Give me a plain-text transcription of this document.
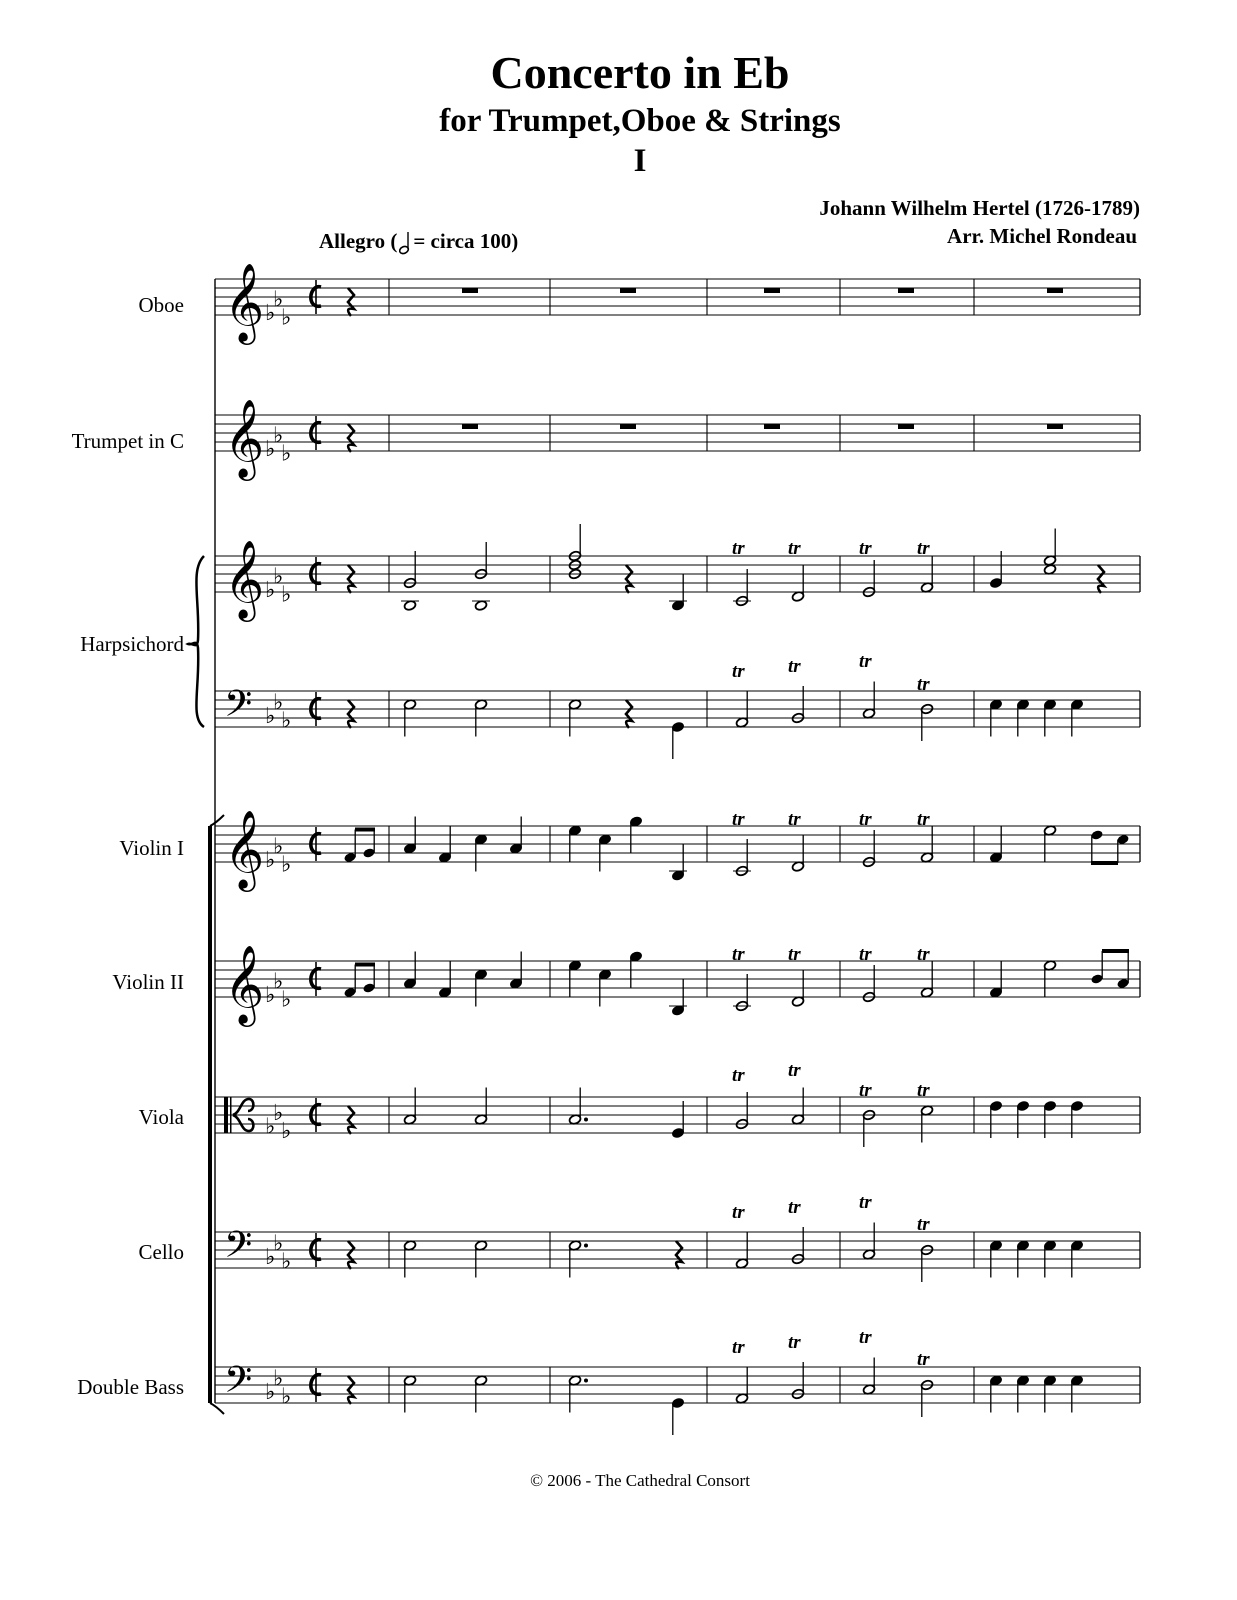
Concerto in Eb
for Trumpet,Oboe & Strings
I
Johann Wilhelm Hertel (1726-1789)
Arr. Michel Rondeau
Allegro ( = circa 100)
Oboe
Trumpet in C
Harpsichord
Violin I
Violin II
Viola
Cello
Double Bass
𝄞 ♭
♭
♭
𝄞 ♭
♭
♭
𝄞 ♭
♭
♭
𝄢 ♭
♭
♭
𝄞 ♭
♭
♭
𝄞 ♭
♭
♭
♭
♭
♭
𝄢 ♭
♭
♭
𝄢 ♭
♭
♭
tr tr	tr tr
tr tr	tr
tr
tr tr	tr tr
tr tr	tr tr
tr tr
tr tr
tr tr	tr
tr
tr tr	tr
tr
© 2006 - The Cathedral Consort
